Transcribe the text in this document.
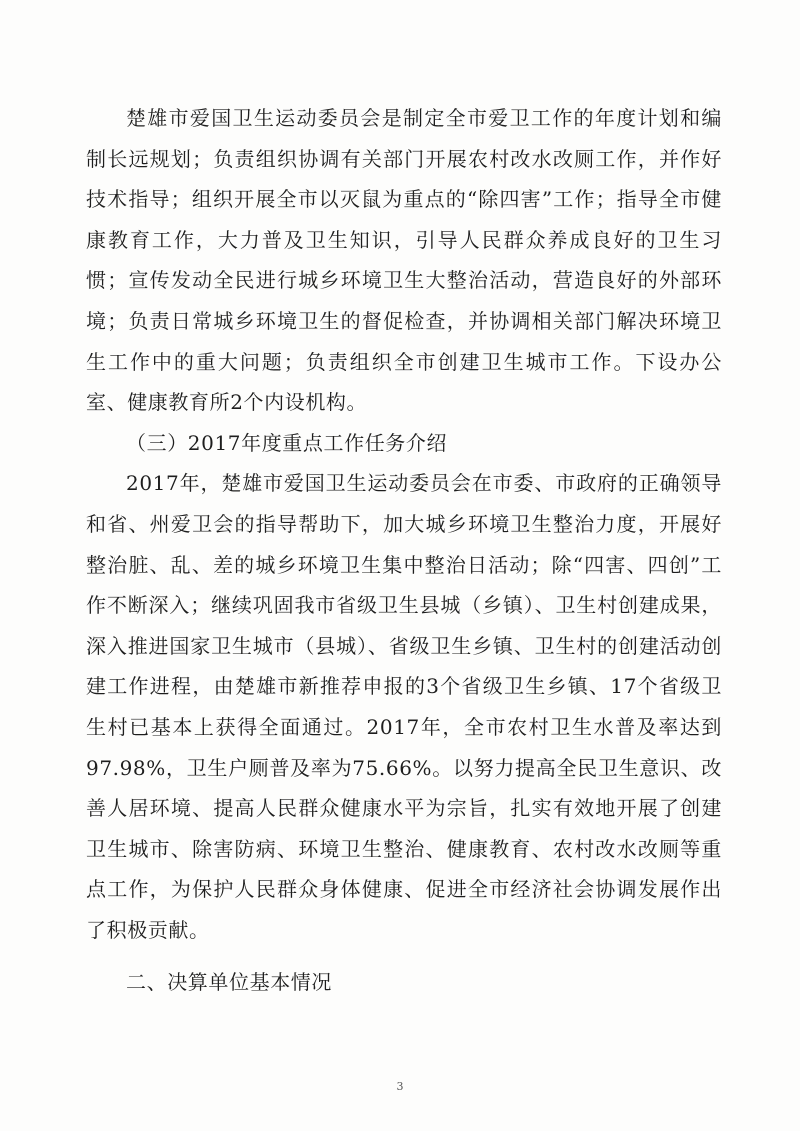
楚雄市爱国卫生运动委员会是制定全市爱卫工作的年度计划和编制长远规划；负责组织协调有关部门开展农村改水改厕工作，并作好技术指导；组织开展全市以灭鼠为重点的“除四害”工作；指导全市健康教育工作，大力普及卫生知识，引导人民群众养成良好的卫生习惯；宣传发动全民进行城乡环境卫生大整治活动，营造良好的外部环境；负责日常城乡环境卫生的督促检查，并协调相关部门解决环境卫生工作中的重大问题；负责组织全市创建卫生城市工作。下设办公室、健康教育所2个内设机构。

（三）2017年度重点工作任务介绍

2017年，楚雄市爱国卫生运动委员会在市委、市政府的正确领导和省、州爱卫会的指导帮助下，加大城乡环境卫生整治力度，开展好整治脏、乱、差的城乡环境卫生集中整治日活动；除“四害、四创”工作不断深入；继续巩固我市省级卫生县城（乡镇）、卫生村创建成果，深入推进国家卫生城市（县城）、省级卫生乡镇、卫生村的创建活动创建工作进程，由楚雄市新推荐申报的3个省级卫生乡镇、17个省级卫生村已基本上获得全面通过。2017年，全市农村卫生水普及率达到97.98%，卫生户厕普及率为75.66%。以努力提高全民卫生意识、改善人居环境、提高人民群众健康水平为宗旨，扎实有效地开展了创建卫生城市、除害防病、环境卫生整治、健康教育、农村改水改厕等重点工作，为保护人民群众身体健康、促进全市经济社会协调发展作出了积极贡献。

二、决算单位基本情况

3
